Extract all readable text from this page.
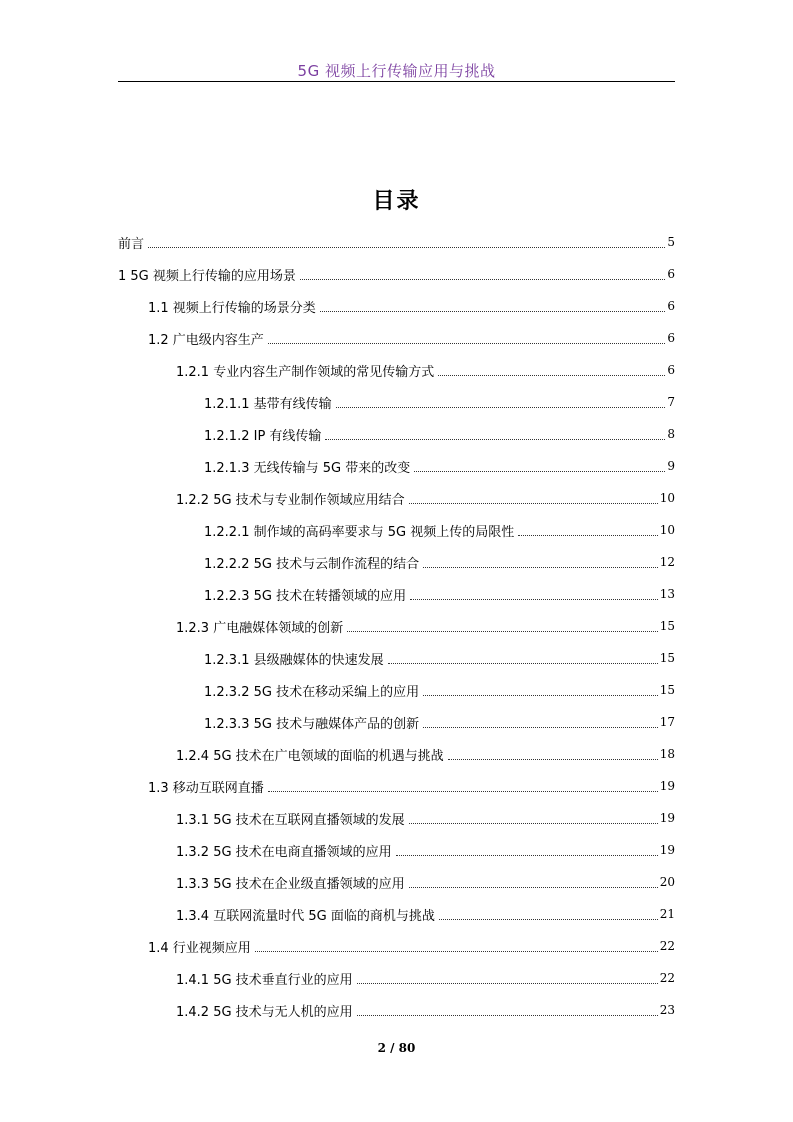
5G 视频上行传输应用与挑战
目录
前言	5
1 5G 视频上行传输的应用场景	6
1.1 视频上行传输的场景分类	6
1.2 广电级内容生产	6
1.2.1 专业内容生产制作领域的常见传输方式	6
1.2.1.1 基带有线传输	7
1.2.1.2 IP 有线传输	8
1.2.1.3 无线传输与 5G 带来的改变	9
1.2.2 5G 技术与专业制作领域应用结合	10
1.2.2.1 制作域的高码率要求与 5G 视频上传的局限性	10
1.2.2.2 5G 技术与云制作流程的结合	12
1.2.2.3 5G 技术在转播领域的应用	13
1.2.3 广电融媒体领域的创新	15
1.2.3.1 县级融媒体的快速发展	15
1.2.3.2 5G 技术在移动采编上的应用	15
1.2.3.3 5G 技术与融媒体产品的创新	17
1.2.4 5G 技术在广电领域的面临的机遇与挑战	18
1.3 移动互联网直播	19
1.3.1 5G 技术在互联网直播领域的发展	19
1.3.2 5G 技术在电商直播领域的应用	19
1.3.3 5G 技术在企业级直播领域的应用	20
1.3.4 互联网流量时代 5G 面临的商机与挑战	21
1.4 行业视频应用	22
1.4.1 5G 技术垂直行业的应用	22
1.4.2 5G 技术与无人机的应用	23
2 / 80
